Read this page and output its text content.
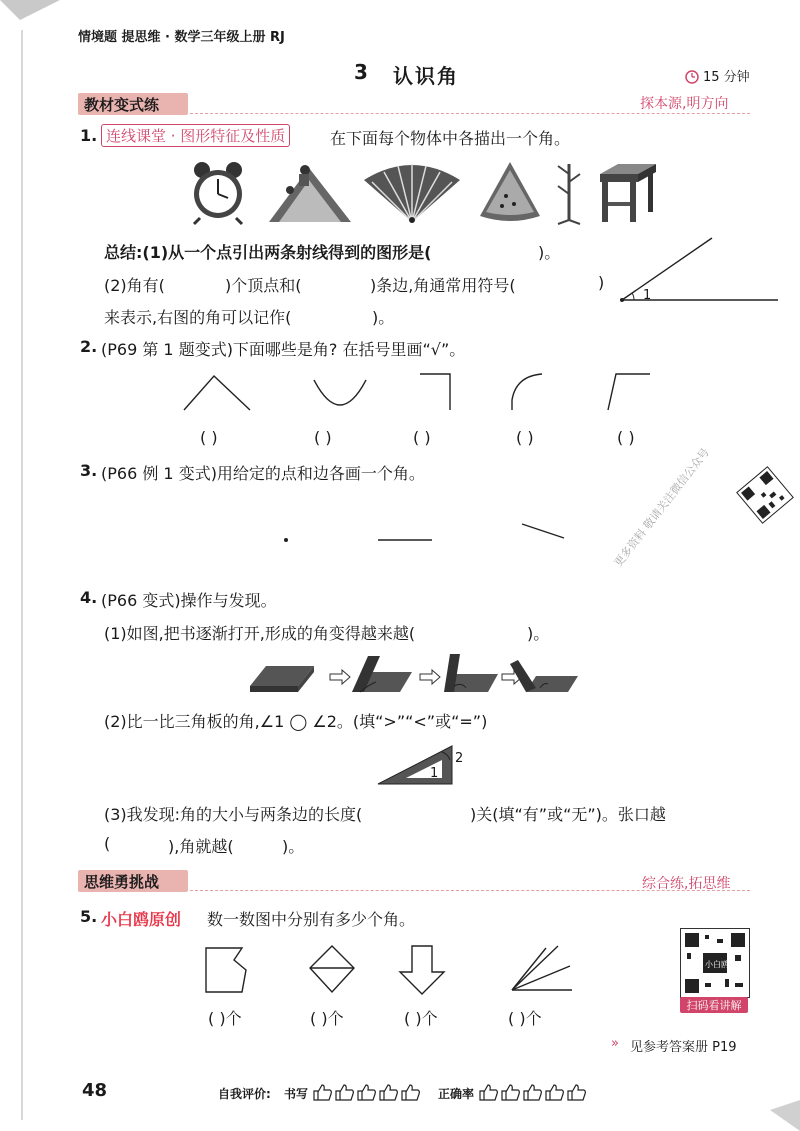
情境题 提思维 · 数学三年级上册 RJ
3 认识角	15 分钟
教材变式练	探本源,明方向
1. 连线课堂 · 图形特征及性质	在下面每个物体中各描出一个角。
总结:(1)从一个点引出两条射线得到的图形是(	)。
(2)角有(	)个顶点和(	)条边,角通常用符号(	)
来表示,右图的角可以记作(	)。
1
2. (P69 第 1 题变式)下面哪些是角? 在括号里画“√”。
( )	( )	( )	( )	( )
3. (P66 例 1 变式)用给定的点和边各画一个角。	更多资料 敬请关注微信公众号
4. (P66 变式)操作与发现。
(1)如图,把书逐渐打开,形成的角变得越来越(	)。
(2)比一比三角板的角,∠1 ◯ ∠2。(填“>”“<”或“=”)
1
2
(3)我发现:角的大小与两条边的长度(	)关(填“有”或“无”)。张口越
(	),角就越(	)。
思维勇挑战	综合练,拓思维
5. 小白鸥原创 数一数图中分别有多少个角。
( )个	( )个	( )个	( )个
小白鸥
扫码看讲解
» 见参考答案册 P19
48	自我评价: 书写	正确率
